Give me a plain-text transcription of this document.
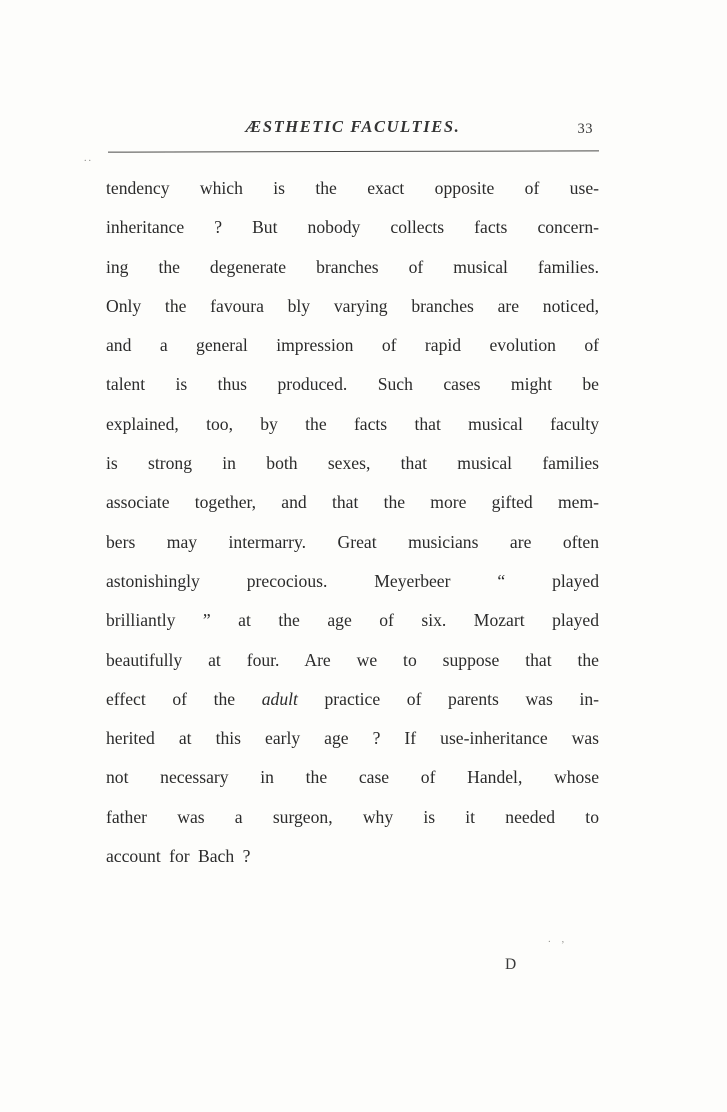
ÆSTHETIC FACULTIES.	33
..
tendency which is the exact opposite of use-
inheritance ? But nobody collects facts concern-
ing the degenerate branches of musical families.
Only the favoura bly varying branches are noticed,
and a general impression of rapid evolution of
talent is thus produced. Such cases might be
explained, too, by the facts that musical faculty
is strong in both sexes, that musical families
associate together, and that the more gifted mem-
bers may intermarry. Great musicians are often
astonishingly precocious. Meyerbeer “ played
brilliantly ” at the age of six. Mozart played
beautifully at four. Are we to suppose that the
effect of the adult practice of parents was in-
herited at this early age ? If use-inheritance was
not necessary in the case of Handel, whose
father was a surgeon, why is it needed to
account for Bach ?
. ,
D
